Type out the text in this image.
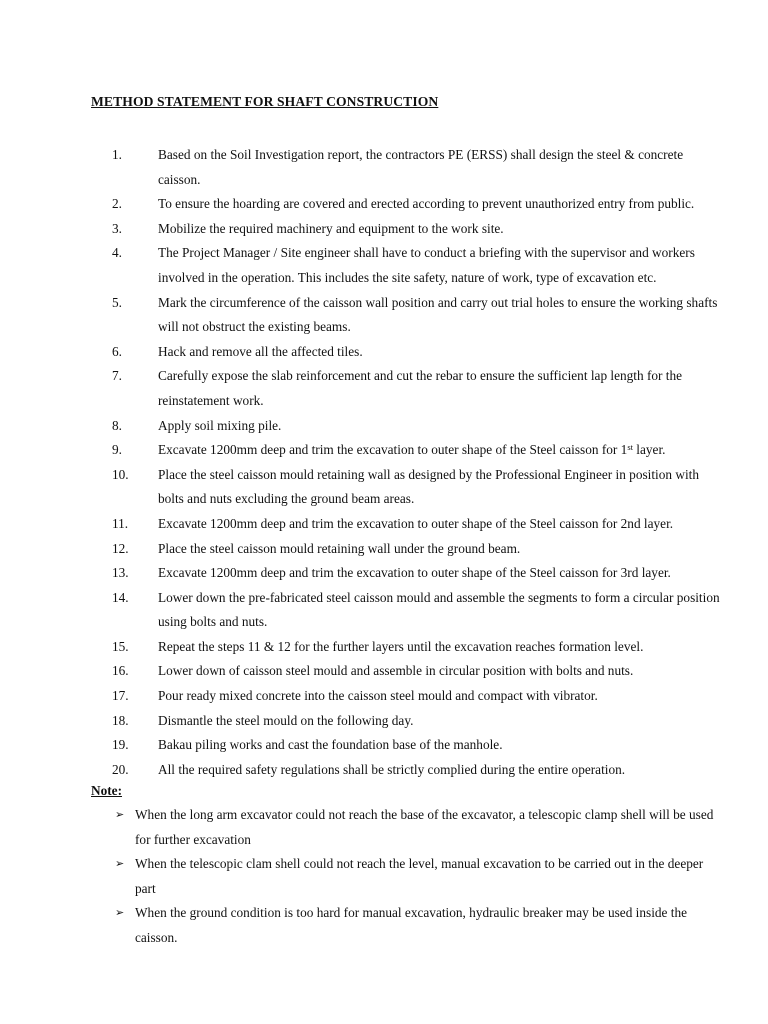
METHOD STATEMENT FOR SHAFT CONSTRUCTION
1.	Based on the Soil Investigation report, the contractors PE (ERSS) shall design the steel & concrete caisson.
2.	To ensure the hoarding are covered and erected according to prevent unauthorized entry from public.
3.	Mobilize the required machinery and equipment to the work site.
4.	The Project Manager / Site engineer shall have to conduct a briefing with the supervisor and workers involved in the operation. This includes the site safety, nature of work, type of excavation etc.
5.	Mark the circumference of the caisson wall position and carry out trial holes to ensure the working shafts will not obstruct the existing beams.
6.	Hack and remove all the affected tiles.
7.	Carefully expose the slab reinforcement and cut the rebar to ensure the sufficient lap length for the reinstatement work.
8.	Apply soil mixing pile.
9.	Excavate 1200mm deep and trim the excavation to outer shape of the Steel caisson for 1st layer.
10.	Place the steel caisson mould retaining wall as designed by the Professional Engineer in position with bolts and nuts excluding the ground beam areas.
11.	Excavate 1200mm deep and trim the excavation to outer shape of the Steel caisson for 2nd layer.
12.	Place the steel caisson mould retaining wall under the ground beam.
13.	Excavate 1200mm deep and trim the excavation to outer shape of the Steel caisson for 3rd layer.
14.	Lower down the pre-fabricated steel caisson mould and assemble the segments to form a circular position using bolts and nuts.
15.	Repeat the steps 11 & 12 for the further layers until the excavation reaches formation level.
16.	Lower down of caisson steel mould and assemble in circular position with bolts and nuts.
17.	Pour ready mixed concrete into the caisson steel mould and compact with vibrator.
18.	Dismantle the steel mould on the following day.
19.	Bakau piling works and cast the foundation base of the manhole.
20.	All the required safety regulations shall be strictly complied during the entire operation.
Note:
➢ When the long arm excavator could not reach the base of the excavator, a telescopic clamp shell will be used for further excavation
➢ When the telescopic clam shell could not reach the level, manual excavation to be carried out in the deeper part
➢ When the ground condition is too hard for manual excavation, hydraulic breaker may be used inside the caisson.
